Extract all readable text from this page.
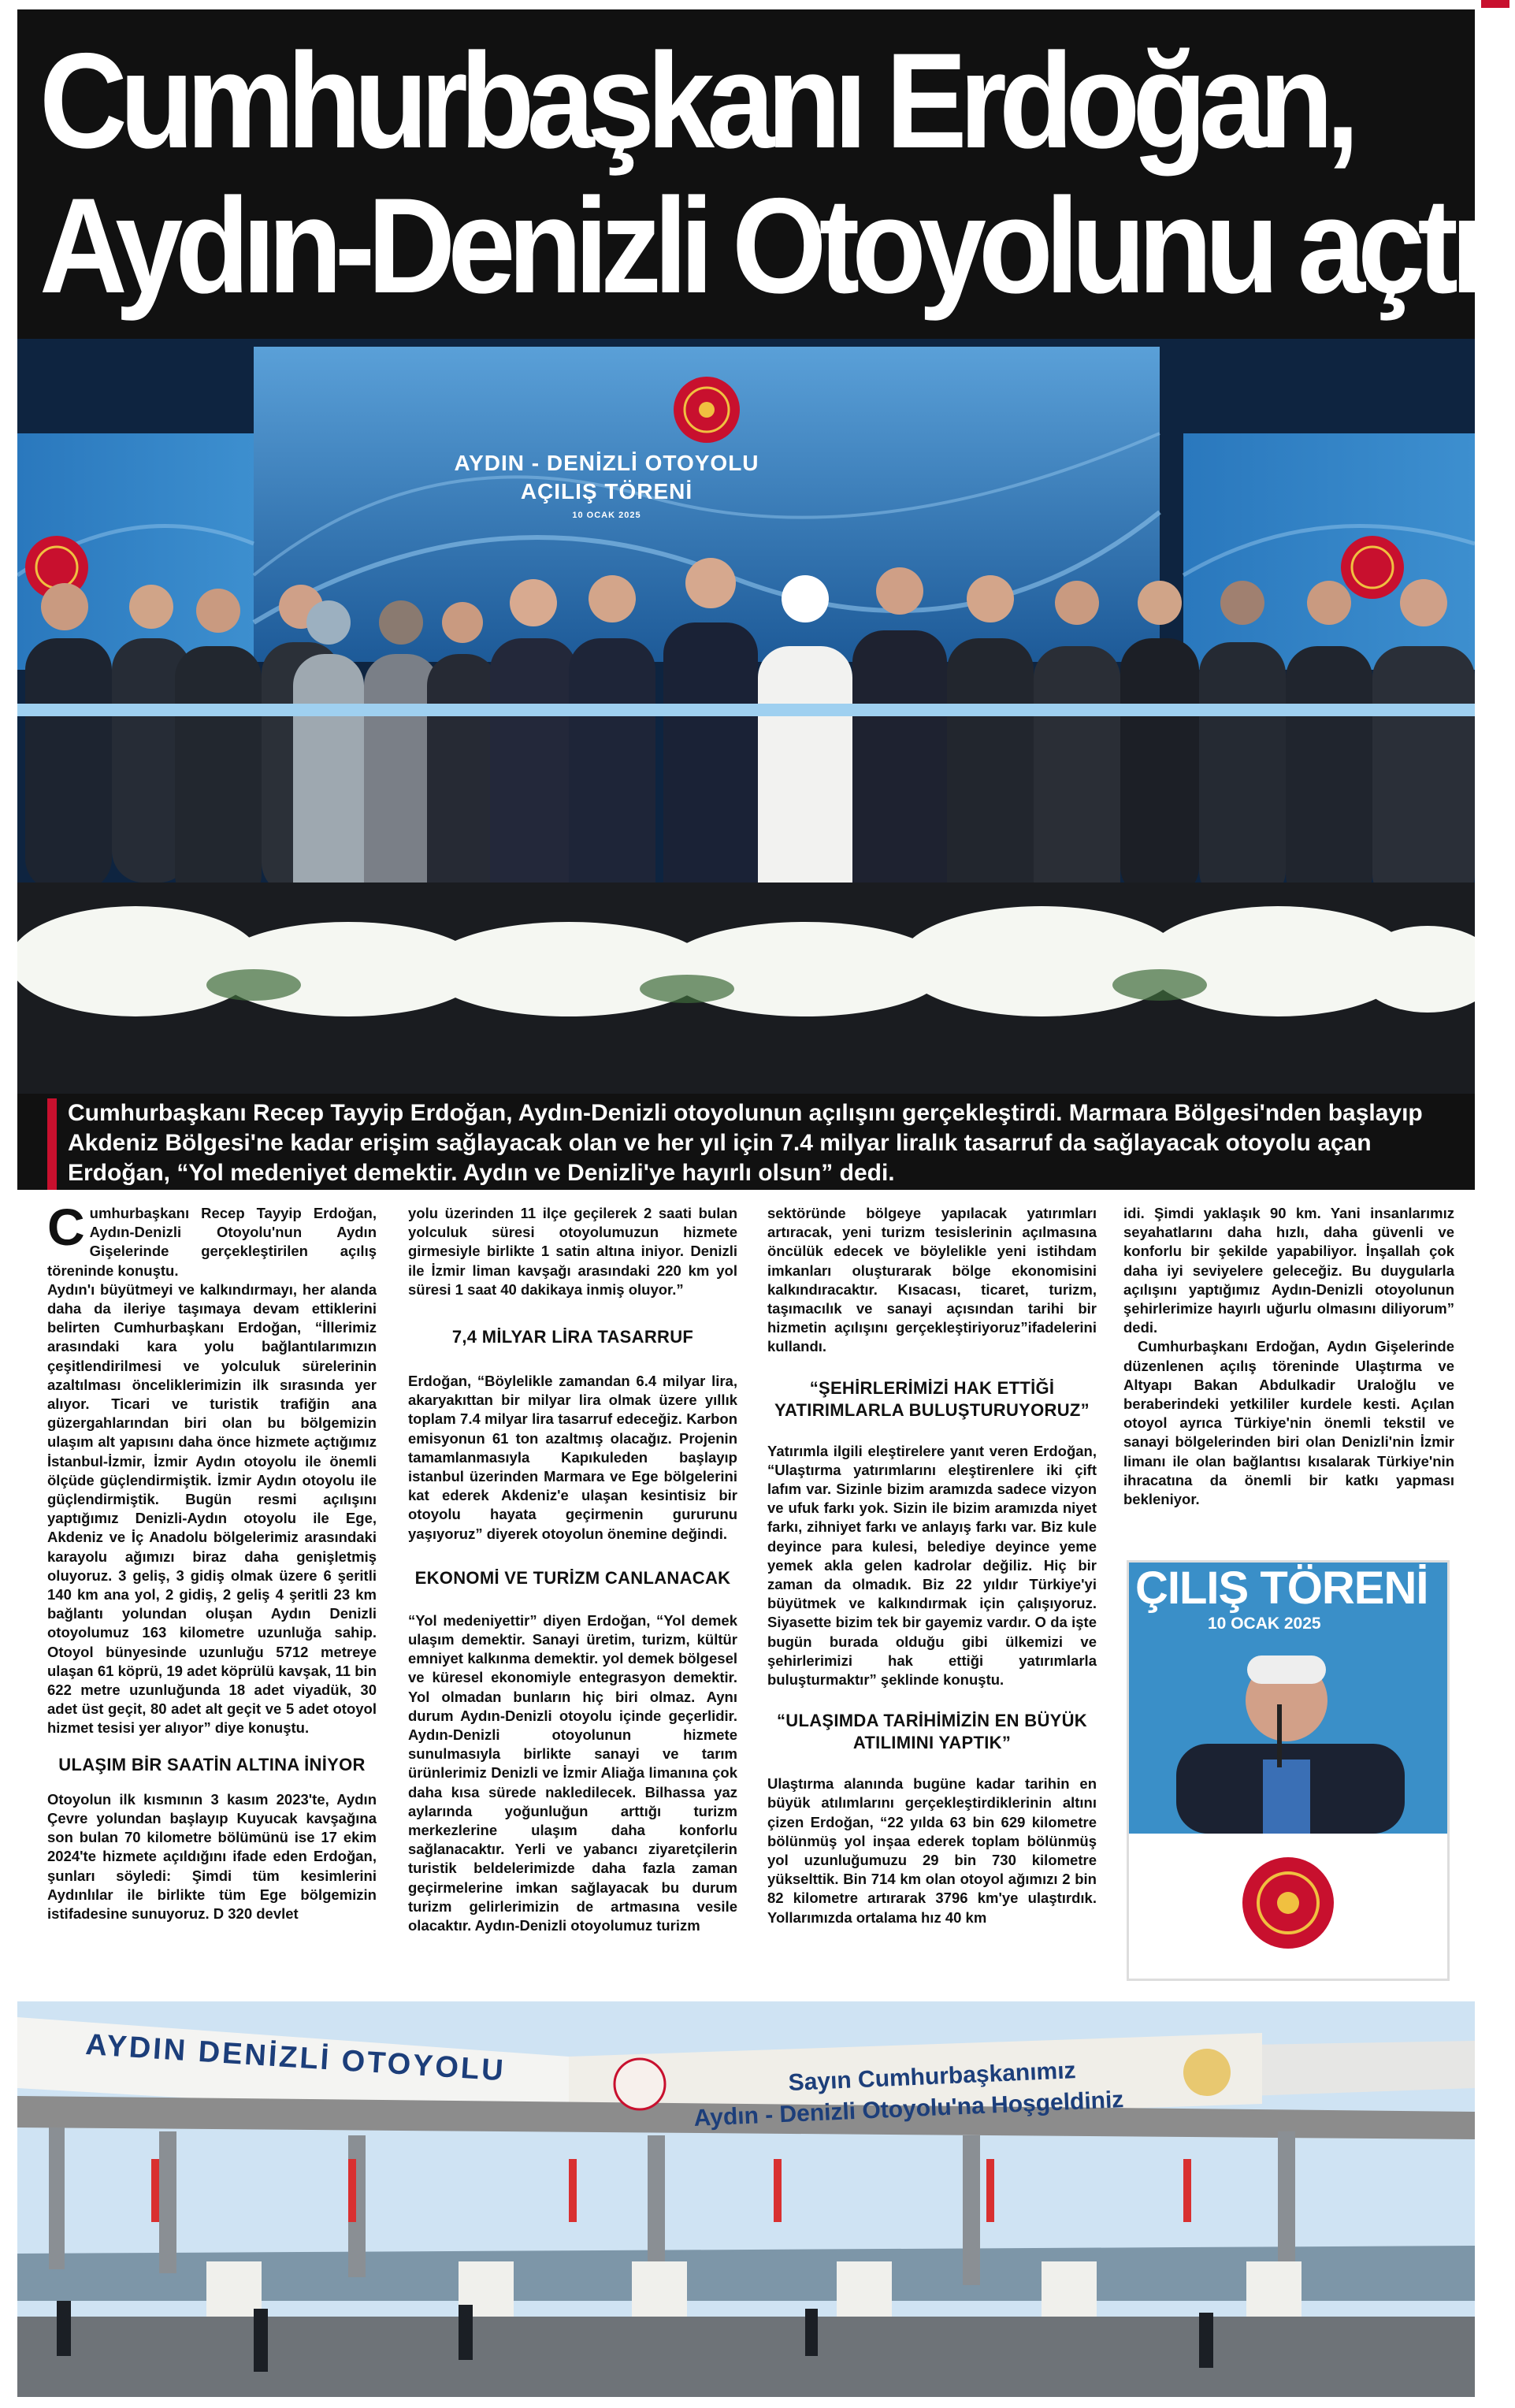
Cumhurbaşkanı Erdoğan,
Aydın-Denizli Otoyolunu açtı
AYDIN - DENİZLİ OTOYOLU
AÇILIŞ TÖRENİ
10 OCAK 2025

Cumhurbaşkanı Recep Tayyip Erdoğan, Aydın-Denizli otoyolunun açılışını gerçekleştirdi. Marmara Bölgesi'nden başlayıp Akdeniz Bölgesi'ne kadar erişim sağlayacak olan ve her yıl için 7.4 milyar liralık tasarruf da sağlayacak otoyolu açan Erdoğan, “Yol medeniyet demektir. Aydın ve Denizli'ye hayırlı olsun” dedi.

Cumhurbaşkanı Recep Tayyip Erdoğan, Aydın-Denizli Otoyolu'nun Aydın Gişelerinde gerçekleştirilen açılış töreninde konuştu.

Aydın'ı büyütmeyi ve kalkındırmayı, her alanda daha da ileriye taşımaya devam ettiklerini belirten Cumhurbaşkanı Erdoğan, “İllerimiz arasındaki kara yolu bağlantılarımızın çeşitlendirilmesi ve yolculuk sürelerinin azaltılması önceliklerimizin ilk sırasında yer alıyor. Ticari ve turistik trafiğin ana güzergahlarından biri olan bu bölgemizin ulaşım alt yapısını daha önce hizmete açtığımız İstanbul-İzmir, İzmir Aydın otoyolu ile önemli ölçüde güçlendirmiştik. İzmir Aydın otoyolu ile güçlendirmiştik. Bugün resmi açılışını yaptığımız Denizli-Aydın otoyolu ile Ege, Akdeniz ve İç Anadolu bölgelerimiz arasındaki karayolu ağımızı biraz daha genişletmiş oluyoruz. 3 geliş, 3 gidiş olmak üzere 6 şeritli 140 km ana yol, 2 gidiş, 2 geliş 4 şeritli 23 km bağlantı yolundan oluşan Aydın Denizli otoyolumuz 163 kilometre uzunluğa sahip. Otoyol bünyesinde uzunluğu 5712 metreye ulaşan 61 köprü, 19 adet köprülü kavşak, 11 bin 622 metre uzunluğunda 18 adet viyadük, 30 adet üst geçit, 80 adet alt geçit ve 5 adet otoyol hizmet tesisi yer alıyor” diye konuştu.

ULAŞIM BİR SAATİN ALTINA İNİYOR

Otoyolun ilk kısmının 3 kasım 2023'te, Aydın Çevre yolundan başlayıp Kuyucak kavşağına son bulan 70 kilometre bölümünü ise 17 ekim 2024'te hizmete açıldığını ifade eden Erdoğan, şunları söyledi: Şimdi tüm kesimlerini Aydınlılar ile birlikte tüm Ege bölgemizin istifadesine sunuyoruz. D 320 devlet

yolu üzerinden 11 ilçe geçilerek 2 saati bulan yolculuk süresi otoyolumuzun hizmete girmesiyle birlikte 1 satin altına iniyor. Denizli ile İzmir liman kavşağı arasındaki 220 km yol süresi 1 saat 40 dakikaya inmiş oluyor.”

7,4 MİLYAR LİRA TASARRUF

Erdoğan, “Böylelikle zamandan 6.4 milyar lira, akaryakıttan bir milyar lira olmak üzere yıllık toplam 7.4 milyar lira tasarruf edeceğiz. Karbon emisyonun 61 ton azaltmış olacağız. Projenin tamamlanmasıyla Kapıkuleden başlayıp istanbul üzerinden Marmara ve Ege bölgelerini kat ederek Akdeniz'e ulaşan kesintisiz bir otoyolu hayata geçirmenin gururunu yaşıyoruz” diyerek otoyolun önemine değindi.

EKONOMİ VE TURİZM CANLANACAK

“Yol medeniyettir” diyen Erdoğan, “Yol demek ulaşım demektir. Sanayi üretim, turizm, kültür emniyet kalkınma demektir. yol demek bölgesel ve küresel ekonomiyle entegrasyon demektir. Yol olmadan bunların hiç biri olmaz. Aynı durum Aydın-Denizli otoyolu içinde geçerlidir. Aydın-Denizli otoyolunun hizmete sunulmasıyla birlikte sanayi ve tarım ürünlerimiz Denizli ve İzmir Aliağa limanına çok daha kısa sürede nakledilecek. Bilhassa yaz aylarında yoğunluğun arttığı turizm merkezlerine ulaşım daha konforlu sağlanacaktır. Yerli ve yabancı ziyaretçilerin turistik beldelerimizde daha fazla zaman geçirmelerine imkan sağlayacak bu durum turizm gelirlerimizin de artmasına vesile olacaktır. Aydın-Denizli otoyolumuz turizm

sektöründe bölgeye yapılacak yatırımları artıracak, yeni turizm tesislerinin açılmasına öncülük edecek ve böylelikle yeni istihdam imkanları oluşturarak bölge ekonomisini kalkındıracaktır. Kısacası, ticaret, turizm, taşımacılık ve sanayi açısından tarihi bir hizmetin açılışını gerçekleştiriyoruz”ifadelerini kullandı.

“ŞEHİRLERİMİZİ HAK ETTİĞİ YATIRIMLARLA BULUŞTURUYORUZ”

Yatırımla ilgili eleştirelere yanıt veren Erdoğan, “Ulaştırma yatırımlarını eleştirenlere iki çift lafım var. Sizinle bizim aramızda sadece vizyon ve ufuk farkı yok. Sizin ile bizim aramızda niyet farkı, zihniyet farkı ve anlayış farkı var. Biz kule deyince para kulesi, belediye deyince yeme yemek akla gelen kadrolar değiliz. Hiç bir zaman da olmadık. Biz 22 yıldır Türkiye'yi büyütmek ve kalkındırmak için çalışıyoruz. Siyasette bizim tek bir gayemiz vardır. O da işte bugün burada olduğu gibi ülkemizi ve şehirlerimizi hak ettiği yatırımlarla buluşturmaktır” şeklinde konuştu.

“ULAŞIMDA TARİHİMİZİN EN BÜYÜK ATILIMINI YAPTIK”

Ulaştırma alanında bugüne kadar tarihin en büyük atılımlarını gerçekleştirdiklerinin altını çizen Erdoğan, “22 yılda 63 bin 629 kilometre bölünmüş yol inşaa ederek toplam bölünmüş yol uzunluğumuzu 29 bin 730 kilometre yükselttik. Bin 714 km olan otoyol ağımızı 2 bin 82 kilometre artırarak 3796 km'ye ulaştırdık. Yollarımızda ortalama hız 40 km

idi. Şimdi yaklaşık 90 km. Yani insanlarımız seyahatlarını daha hızlı, daha güvenli ve konforlu bir şekilde yapabiliyor. İnşallah çok daha iyi seviyelere geleceğiz. Bu duygularla açılışını yaptığımız Aydın-Denizli otoyolunun şehirlerimize hayırlı uğurlu olmasını diliyorum” dedi.

Cumhurbaşkanı Erdoğan, Aydın Gişelerinde düzenlenen açılış töreninde Ulaştırma ve Altyapı Bakan Abdulkadir Uraloğlu ve beraberindeki yetkililer kurdele kesti. Açılan otoyol ayrıca Türkiye'nin önemli tekstil ve sanayi bölgelerinden biri olan Denizli'nin İzmir limanı ile olan bağlantısı kısalarak Türkiye'nin ihracatına da önemli bir katkı yapması bekleniyor.

ÇILIŞ TÖRENİ
10 OCAK 2025
AYDIN DENİZLİ OTOYOLU	Sayın Cumhurbaşkanımız
Aydın - Denizli Otoyolu'na Hoşgeldiniz
